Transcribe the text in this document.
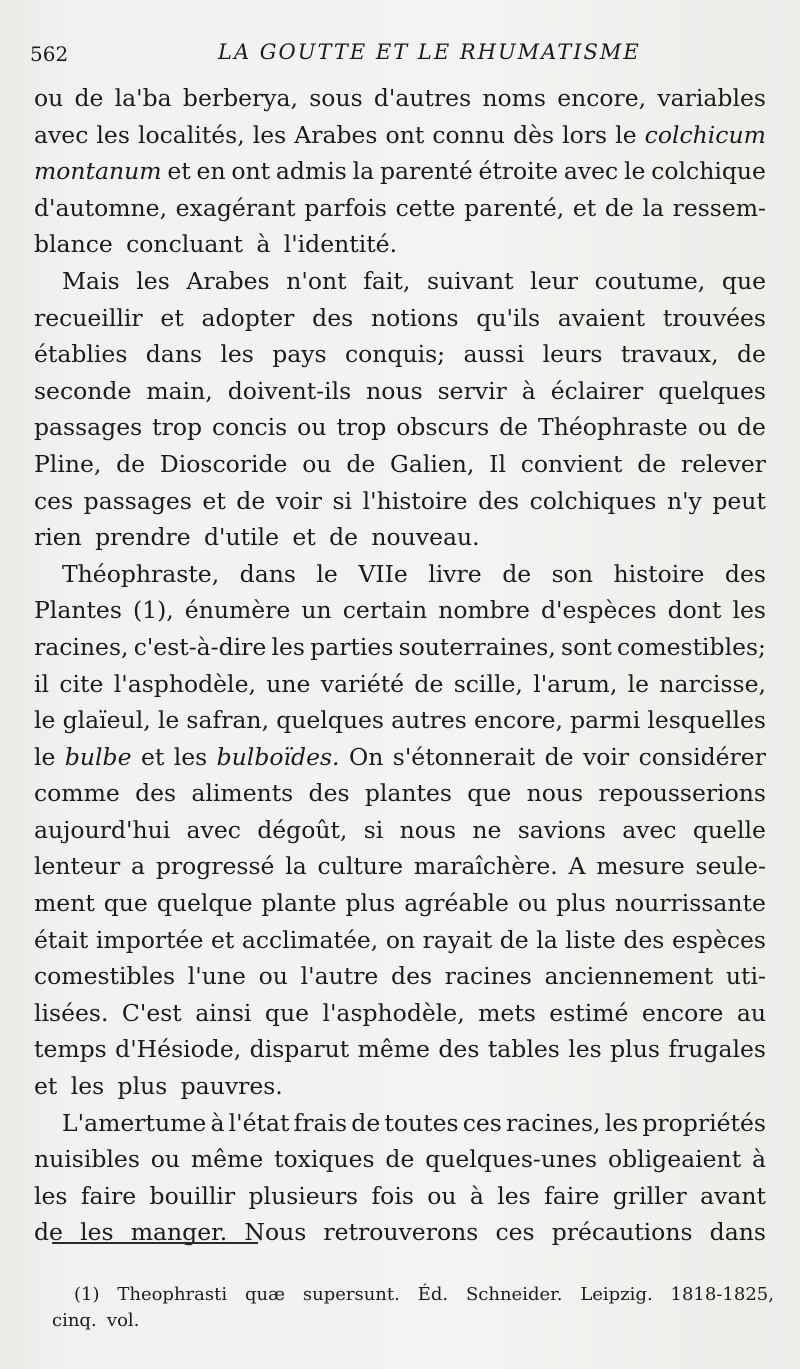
562	LA GOUTTE ET LE RHUMATISME
ou de la'ba berberya, sous d'autres noms encore, variables
avec les localités, les Arabes ont connu dès lors le colchicum
montanum et en ont admis la parenté étroite avec le colchique
d'automne, exagérant parfois cette parenté, et de la ressem-
blance concluant à l'identité.
Mais les Arabes n'ont fait, suivant leur coutume, que
recueillir et adopter des notions qu'ils avaient trouvées
établies dans les pays conquis; aussi leurs travaux, de
seconde main, doivent-ils nous servir à éclairer quelques
passages trop concis ou trop obscurs de Théophraste ou de
Pline, de Dioscoride ou de Galien, Il convient de relever
ces passages et de voir si l'histoire des colchiques n'y peut
rien prendre d'utile et de nouveau.
Théophraste, dans le VIIe livre de son histoire des
Plantes (1), énumère un certain nombre d'espèces dont les
racines, c'est-à-dire les parties souterraines, sont comestibles;
il cite l'asphodèle, une variété de scille, l'arum, le narcisse,
le glaïeul, le safran, quelques autres encore, parmi lesquelles
le bulbe et les bulboïdes. On s'étonnerait de voir considérer
comme des aliments des plantes que nous repousserions
aujourd'hui avec dégoût, si nous ne savions avec quelle
lenteur a progressé la culture maraîchère. A mesure seule-
ment que quelque plante plus agréable ou plus nourrissante
était importée et acclimatée, on rayait de la liste des espèces
comestibles l'une ou l'autre des racines anciennement uti-
lisées. C'est ainsi que l'asphodèle, mets estimé encore au
temps d'Hésiode, disparut même des tables les plus frugales
et les plus pauvres.
L'amertume à l'état frais de toutes ces racines, les propriétés
nuisibles ou même toxiques de quelques-unes obligeaient à
les faire bouillir plusieurs fois ou à les faire griller avant
de les manger. Nous retrouverons ces précautions dans
(1) Theophrasti quæ supersunt. Éd. Schneider. Leipzig. 1818-1825,
cinq. vol.
